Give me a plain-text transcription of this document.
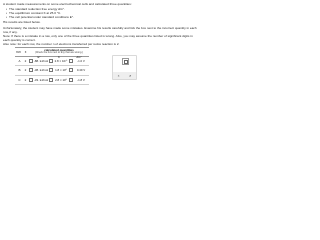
A student made measurements on some electrochemical cells and calculated three quantities:
• The standard reduction free energy ΔG°.
• The equilibrium constant K at 25.0 °C.
• The cell potential under standard conditions E°.
His results are listed below.
Unfortunately, the student may have made some mistakes. Examine his results carefully and tick the box next to the incorrect quantity in each row, if any.
Note: If there is a mistake in a row, only one of the three quantities listed is wrong. Also, you may assume the number of significant digits in each quantity is correct.
Also note: for each row, the number n of electrons transferred per redox reaction is 2.
run	x
calculated quantities
(Check the box next to any that are wrong.)
E°	K	ΔG°
A	2	-88. kJ/mol	2.8 × 10¹⁵	-1.0 V
B	2	-38. kJ/mol	1.8 × 10⁶	0.49 V
C	2	-33. kJ/mol	2.8 × 10⁵	-1.8 V
×	↺
